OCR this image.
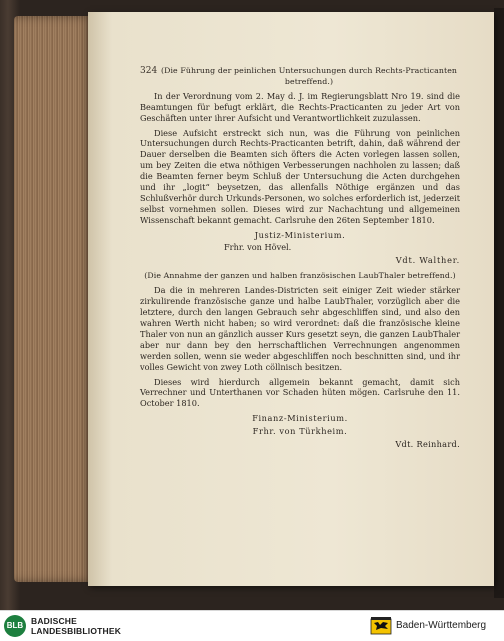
324 (Die Führung der peinlichen Untersuchungen durch Rechts-Practicanten betreffend.)

In der Verordnung vom 2. May d. J. im Regierungsblatt Nro 19. sind die Beamtungen für befugt erklärt, die Rechts-Practicanten zu jeder Art von Geschäften unter ihrer Aufsicht und Verantwortlichkeit zuzulassen.

Diese Aufsicht erstreckt sich nun, was die Führung von peinlichen Untersuchungen durch Rechts-Practicanten betrift, dahin, daß während der Dauer derselben die Beamten sich öfters die Acten vorlegen lassen sollen, um bey Zeiten die etwa nöthigen Verbesserungen nachholen zu lassen; daß die Beamten ferner beym Schluß der Untersuchung die Acten durchgehen und ihr „logit“ beysetzen, das allenfalls Nöthige ergänzen und das Schlußverhör durch Urkunds-Personen, wo solches erforderlich ist, jederzeit selbst vornehmen sollen. Dieses wird zur Nachachtung und allgemeinen Wissenschaft bekannt gemacht. Carlsruhe den 26ten September 1810.

Justiz-Ministerium.
Frhr. von Hövel.
Vdt. Walther.
(Die Annahme der ganzen und halben französischen LaubThaler betreffend.)

Da die in mehreren Landes-Districten seit einiger Zeit wieder stärker zirkulirende französische ganze und halbe LaubThaler, vorzüglich aber die letztere, durch den langen Gebrauch sehr abgeschliffen sind, und also den wahren Werth nicht haben; so wird verordnet: daß die französische kleine Thaler von nun an gänzlich ausser Kurs gesetzt seyn, die ganzen LaubThaler aber nur dann bey den herrschaftlichen Verrechnungen angenommen werden sollen, wenn sie weder abgeschliffen noch beschnitten sind, und ihr volles Gewicht von zwey Loth cöllnisch besitzen.

Dieses wird hierdurch allgemein bekannt gemacht, damit sich Verrechner und Unterthanen vor Schaden hüten mögen. Carlsruhe den 11. October 1810.

Finanz-Ministerium.
Frhr. von Türkheim.
Vdt. Reinhard.
BLB BADISCHE
LANDESBIBLIOTHEK	Baden-Württemberg
